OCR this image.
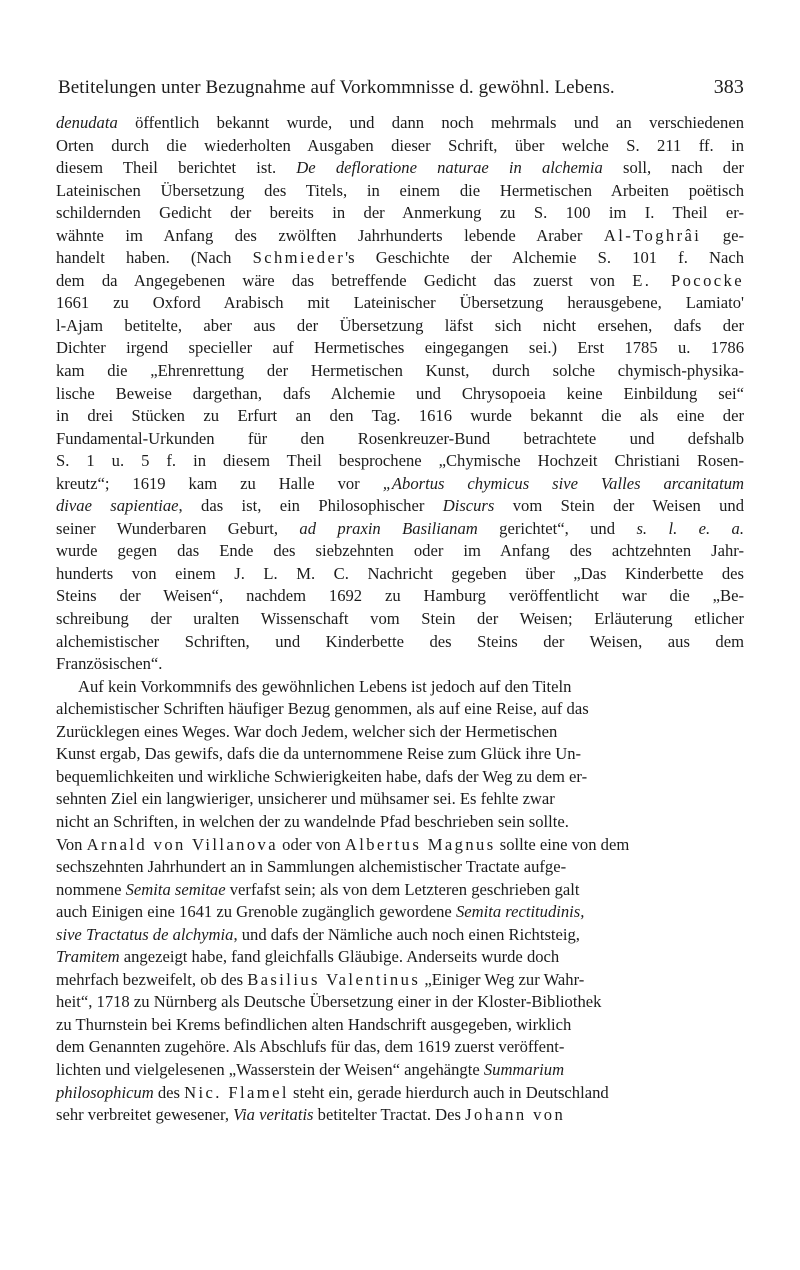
Betitelungen unter Bezugnahme auf Vorkommnisse d. gewöhnl. Lebens.	383

denudata öffentlich bekannt wurde, und dann noch mehrmals und an verschiedenen
Orten durch die wiederholten Ausgaben dieser Schrift, über welche S. 211 ff. in
diesem Theil berichtet ist. De defloratione naturae in alchemia soll, nach der
Lateinischen Übersetzung des Titels, in einem die Hermetischen Arbeiten poëtisch
schildernden Gedicht der bereits in der Anmerkung zu S. 100 im I. Theil er-
wähnte im Anfang des zwölften Jahrhunderts lebende Araber Al-Toghrâi ge-
handelt haben. (Nach Schmieder's Geschichte der Alchemie S. 101 f. Nach
dem da Angegebenen wäre das betreffende Gedicht das zuerst von E. Pococke
1661 zu Oxford Arabisch mit Lateinischer Übersetzung herausgebene, Lamiato'
l-Ajam betitelte, aber aus der Übersetzung läfst sich nicht ersehen, dafs der
Dichter irgend specieller auf Hermetisches eingegangen sei.) Erst 1785 u. 1786
kam die „Ehrenrettung der Hermetischen Kunst, durch solche chymisch-physika-
lische Beweise dargethan, dafs Alchemie und Chrysopoeia keine Einbildung sei“
in drei Stücken zu Erfurt an den Tag. 1616 wurde bekannt die als eine der
Fundamental-Urkunden für den Rosenkreuzer-Bund betrachtete und defshalb
S. 1 u. 5 f. in diesem Theil besprochene „Chymische Hochzeit Christiani Rosen-
kreutz“; 1619 kam zu Halle vor „Abortus chymicus sive Valles arcanitatum
divae sapientiae, das ist, ein Philosophischer Discurs vom Stein der Weisen und
seiner Wunderbaren Geburt, ad praxin Basilianam gerichtet“, und s. l. e. a.
wurde gegen das Ende des siebzehnten oder im Anfang des achtzehnten Jahr-
hunderts von einem J. L. M. C. Nachricht gegeben über „Das Kinderbette des
Steins der Weisen“, nachdem 1692 zu Hamburg veröffentlicht war die „Be-
schreibung der uralten Wissenschaft vom Stein der Weisen; Erläuterung etlicher
alchemistischer Schriften, und Kinderbette des Steins der Weisen, aus dem
Französischen“.

Auf kein Vorkommnifs des gewöhnlichen Lebens ist jedoch auf den Titeln
alchemistischer Schriften häufiger Bezug genommen, als auf eine Reise, auf das
Zurücklegen eines Weges. War doch Jedem, welcher sich der Hermetischen
Kunst ergab, Das gewifs, dafs die da unternommene Reise zum Glück ihre Un-
bequemlichkeiten und wirkliche Schwierigkeiten habe, dafs der Weg zu dem er-
sehnten Ziel ein langwieriger, unsicherer und mühsamer sei. Es fehlte zwar
nicht an Schriften, in welchen der zu wandelnde Pfad beschrieben sein sollte.
Von Arnald von Villanova oder von Albertus Magnus sollte eine von dem
sechszehnten Jahrhundert an in Sammlungen alchemistischer Tractate aufge-
nommene Semita semitae verfafst sein; als von dem Letzteren geschrieben galt
auch Einigen eine 1641 zu Grenoble zugänglich gewordene Semita rectitudinis,
sive Tractatus de alchymia, und dafs der Nämliche auch noch einen Richtsteig,
Tramitem angezeigt habe, fand gleichfalls Gläubige. Anderseits wurde doch
mehrfach bezweifelt, ob des Basilius Valentinus „Einiger Weg zur Wahr-
heit“, 1718 zu Nürnberg als Deutsche Übersetzung einer in der Kloster-Bibliothek
zu Thurnstein bei Krems befindlichen alten Handschrift ausgegeben, wirklich
dem Genannten zugehöre. Als Abschlufs für das, dem 1619 zuerst veröffent-
lichten und vielgelesenen „Wasserstein der Weisen“ angehängte Summarium
philosophicum des Nic. Flamel steht ein, gerade hierdurch auch in Deutschland
sehr verbreitet gewesener, Via veritatis betitelter Tractat. Des Johann von
